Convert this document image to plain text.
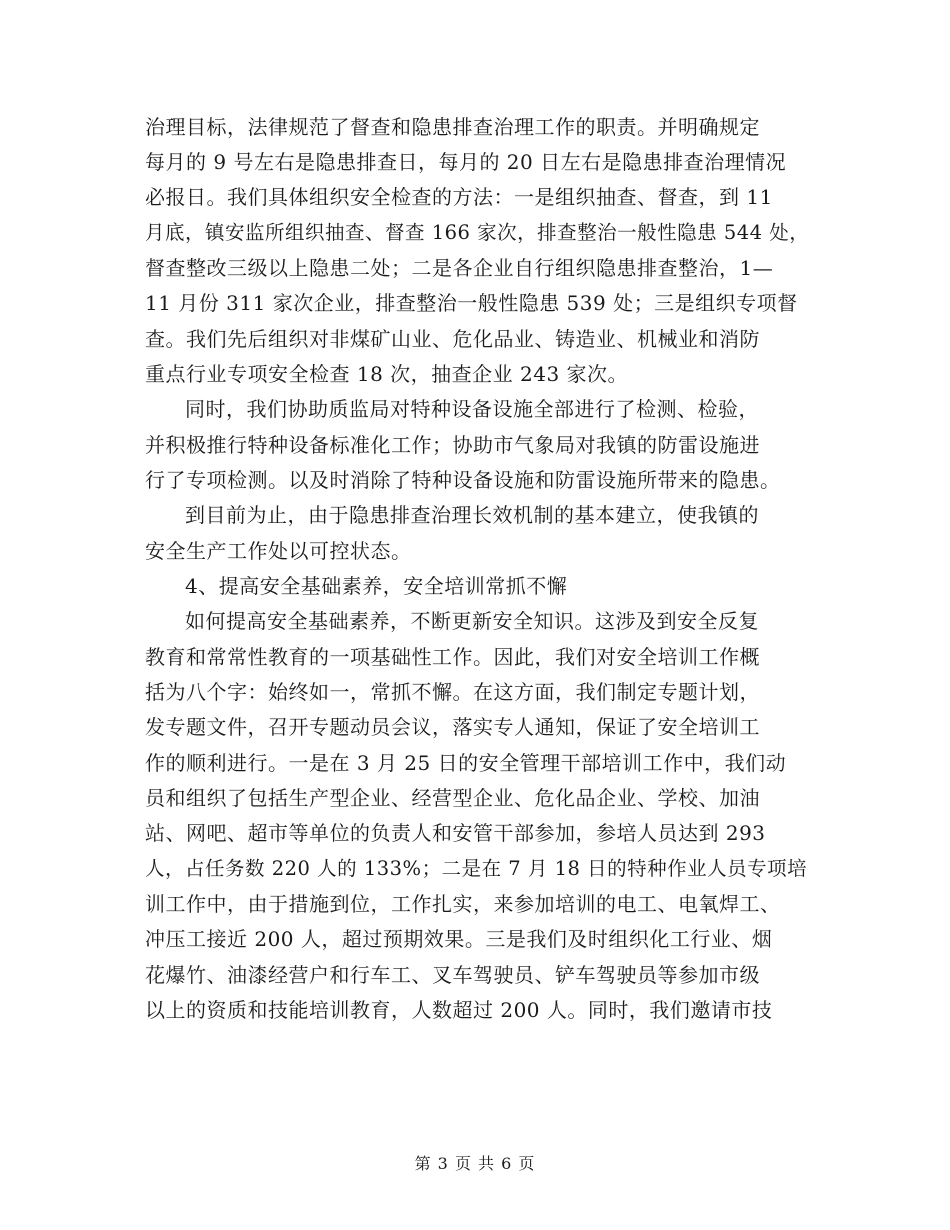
治理目标，法律规范了督查和隐患排查治理工作的职责。并明确规定
每月的 9 号左右是隐患排查日，每月的 20 日左右是隐患排查治理情况
必报日。我们具体组织安全检查的方法：一是组织抽查、督查，到 11
月底，镇安监所组织抽查、督查 166 家次，排查整治一般性隐患 544 处，
督查整改三级以上隐患二处；二是各企业自行组织隐患排查整治，1—
11 月份 311 家次企业，排查整治一般性隐患 539 处；三是组织专项督
查。我们先后组织对非煤矿山业、危化品业、铸造业、机械业和消防
重点行业专项安全检查 18 次，抽查企业 243 家次。
同时，我们协助质监局对特种设备设施全部进行了检测、检验，
并积极推行特种设备标准化工作；协助市气象局对我镇的防雷设施进
行了专项检测。以及时消除了特种设备设施和防雷设施所带来的隐患。
到目前为止，由于隐患排查治理长效机制的基本建立，使我镇的
安全生产工作处以可控状态。
4、提高安全基础素养，安全培训常抓不懈
如何提高安全基础素养，不断更新安全知识。这涉及到安全反复
教育和常常性教育的一项基础性工作。因此，我们对安全培训工作概
括为八个字：始终如一，常抓不懈。在这方面，我们制定专题计划，
发专题文件，召开专题动员会议，落实专人通知，保证了安全培训工
作的顺利进行。一是在 3 月 25 日的安全管理干部培训工作中，我们动
员和组织了包括生产型企业、经营型企业、危化品企业、学校、加油
站、网吧、超市等单位的负责人和安管干部参加，参培人员达到 293
人，占任务数 220 人的 133%；二是在 7 月 18 日的特种作业人员专项培
训工作中，由于措施到位，工作扎实，来参加培训的电工、电氧焊工、
冲压工接近 200 人，超过预期效果。三是我们及时组织化工行业、烟
花爆竹、油漆经营户和行车工、叉车驾驶员、铲车驾驶员等参加市级
以上的资质和技能培训教育，人数超过 200 人。同时，我们邀请市技
第 3 页 共 6 页
